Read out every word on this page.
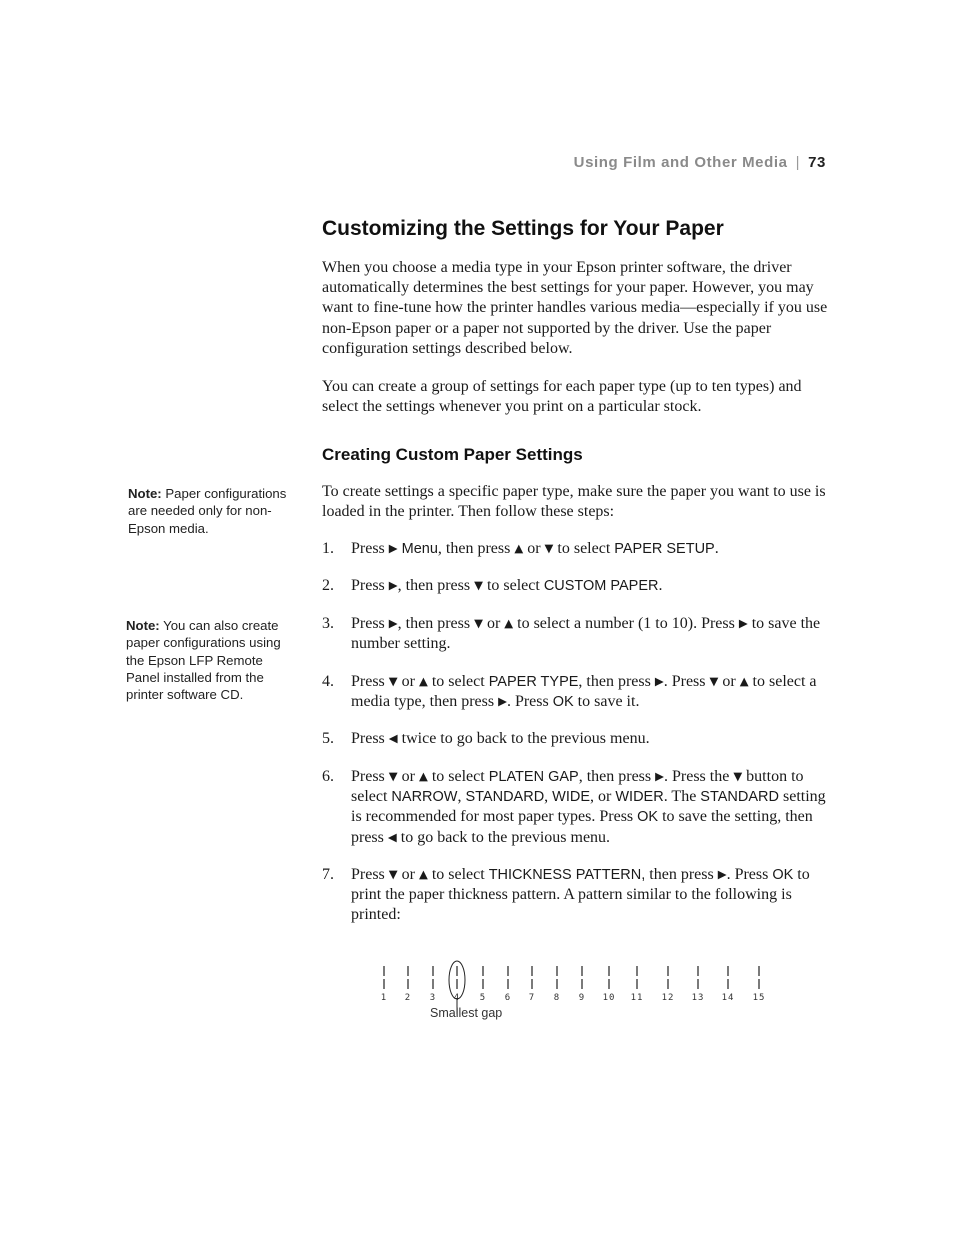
Using Film and Other Media | 73
Customizing the Settings for Your Paper

When you choose a media type in your Epson printer software, the driver automatically determines the best settings for your paper. However, you may want to fine-tune how the printer handles various media—especially if you use non-Epson paper or a paper not supported by the driver. Use the paper configuration settings described below.

You can create a group of settings for each paper type (up to ten types) and select the settings whenever you print on a particular stock.

Creating Custom Paper Settings

To create settings a specific paper type, make sure the paper you want to use is loaded in the printer. Then follow these steps:

1. Press ▶ Menu, then press ▲ or ▼ to select PAPER SETUP.
2. Press ▶, then press ▼ to select CUSTOM PAPER.
3. Press ▶, then press ▼ or ▲ to select a number (1 to 10). Press ▶ to save the number setting.
4. Press ▼ or ▲ to select PAPER TYPE, then press ▶. Press ▼ or ▲ to select a media type, then press ▶. Press OK to save it.
5. Press ◀ twice to go back to the previous menu.
6. Press ▼ or ▲ to select PLATEN GAP, then press ▶. Press the ▼ button to select NARROW, STANDARD, WIDE, or WIDER. The STANDARD setting is recommended for most paper types. Press OK to save the setting, then press ◀ to go back to the previous menu.
7. Press ▼ or ▲ to select THICKNESS PATTERN, then press ▶. Press OK to print the paper thickness pattern. A pattern similar to the following is printed:
Note: Paper configurations are needed only for non-Epson media.
Note: You can also create paper configurations using the Epson LFP Remote Panel installed from the printer software CD.
1 2 3 4 5 6 7 8 9 10 11 12 13 14 15
Smallest gap
